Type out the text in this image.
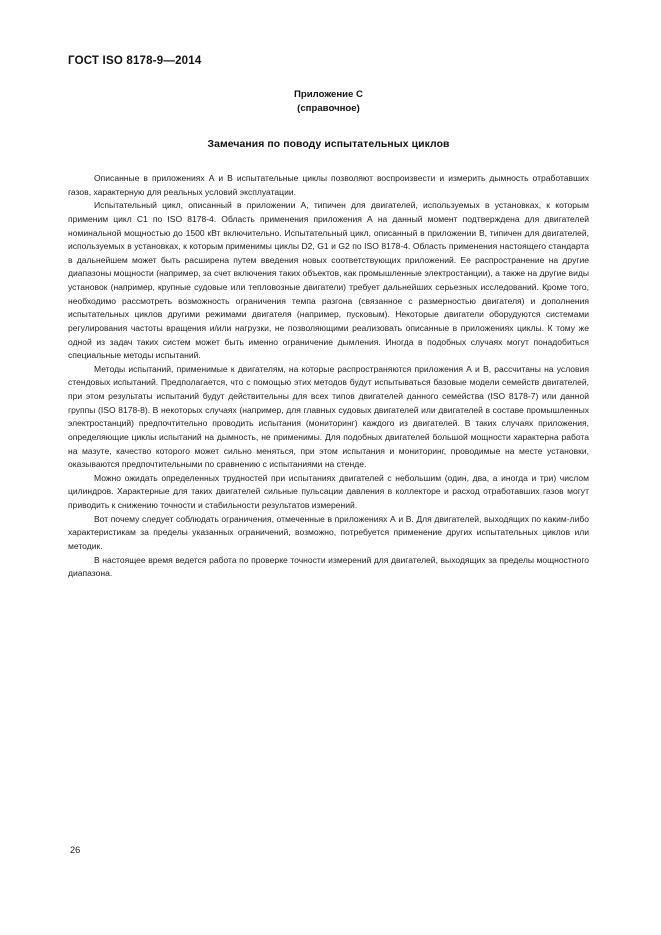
ГОСТ ISO 8178-9—2014
Приложение С
(справочное)
Замечания по поводу испытательных циклов

Описанные в приложениях А и В испытательные циклы позволяют воспроизвести и измерить дымность отработавших газов, характерную для реальных условий эксплуатации.

Испытательный цикл, описанный в приложении А, типичен для двигателей, используемых в установках, к которым применим цикл С1 по ISO 8178-4. Область применения приложения А на данный момент подтверждена для двигателей номинальной мощностью до 1500 кВт включительно. Испытательный цикл, описанный в приложении В, типичен для двигателей, используемых в установках, к которым применимы циклы D2, G1 и G2 по ISO 8178-4. Область применения настоящего стандарта в дальнейшем может быть расширена путем введения новых соответствующих приложений. Ее распространение на другие диапазоны мощности (например, за счет включения таких объектов, как промышленные электростанции), а также на другие виды установок (например, крупные судовые или тепловозные двигатели) требует дальнейших серьезных исследований. Кроме того, необходимо рассмотреть возможность ограничения темпа разгона (связанное с размерностью двигателя) и дополнения испытательных циклов другими режимами двигателя (например, пусковым). Некоторые двигатели оборудуются системами регулирования частоты вращения и/или нагрузки, не позволяющими реализовать описанные в приложениях циклы. К тому же одной из задач таких систем может быть именно ограничение дымления. Иногда в подобных случаях могут понадобиться специальные методы испытаний.

Методы испытаний, применимые к двигателям, на которые распространяются приложения А и В, рассчитаны на условия стендовых испытаний. Предполагается, что с помощью этих методов будут испытываться базовые модели семейств двигателей, при этом результаты испытаний будут действительны для всех типов двигателей данного семейства (ISO 8178-7) или данной группы (ISO 8178-8). В некоторых случаях (например, для главных судовых двигателей или двигателей в составе промышленных электростанций) предпочтительно проводить испытания (мониторинг) каждого из двигателей. В таких случаях приложения, определяющие циклы испытаний на дымность, не применимы. Для подобных двигателей большой мощности характерна работа на мазуте, качество которого может сильно меняться, при этом испытания и мониторинг, проводимые на месте установки, оказываются предпочтительными по сравнению с испытаниями на стенде.

Можно ожидать определенных трудностей при испытаниях двигателей с небольшим (один, два, а иногда и три) числом цилиндров. Характерные для таких двигателей сильные пульсации давления в коллекторе и расход отработавших газов могут приводить к снижению точности и стабильности результатов измерений.

Вот почему следует соблюдать ограничения, отмеченные в приложениях А и В. Для двигателей, выходящих по каким-либо характеристикам за пределы указанных ограничений, возможно, потребуется применение других испытательных циклов или методик.

В настоящее время ведется работа по проверке точности измерений для двигателей, выходящих за пределы мощностного диапазона.

26
